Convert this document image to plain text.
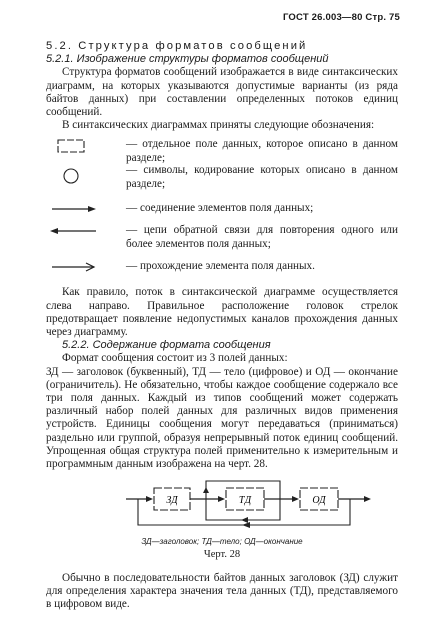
ГОСТ 26.003—80 Стр. 75
5.2. Структура форматов сообщений
5.2.1. Изображение структуры форматов сообщений

Структура форматов сообщений изображается в виде синтаксических диаграмм, на которых указываются допустимые варианты (из ряда байтов данных) при составлении определенных потоков единиц сообщений.

В синтаксических диаграммах приняты следующие обозначения:

— отдельное поле данных, которое описано в данном разделе;
— символы, кодирование которых описано в данном разделе;
— соединение элементов поля данных;
— цепи обратной связи для повторения одного или более элементов поля данных;
— прохождение элемента поля данных.

Как правило, поток в синтаксической диаграмме осуществляется слева направо. Правильное расположение головок стрелок предотвращает появление недопустимых каналов прохождения данных через диаграмму.

5.2.2. Содержание формата сообщения

Формат сообщения состоит из 3 полей данных:

ЗД — заголовок (буквенный), ТД — тело (цифровое) и ОД — окончание (ограничитель). Не обязательно, чтобы каждое сообщение содержало все три поля данных. Каждый из типов сообщений может содержать различный набор полей данных для различных видов применения устройств. Единицы сообщения могут передаваться (приниматься) раздельно или группой, образуя непрерывный поток единиц сообщений. Упрощенная общая структура полей применительно к измерительным и программным данным изображена на черт. 28.

ЗД	ТД	ОД
ЗД—заголовок; ТД—тело; ОД—окончание
Черт. 28

Обычно в последовательности байтов данных заголовок (ЗД) служит для определения характера значения тела данных (ТД), представляемого в цифровом виде.
